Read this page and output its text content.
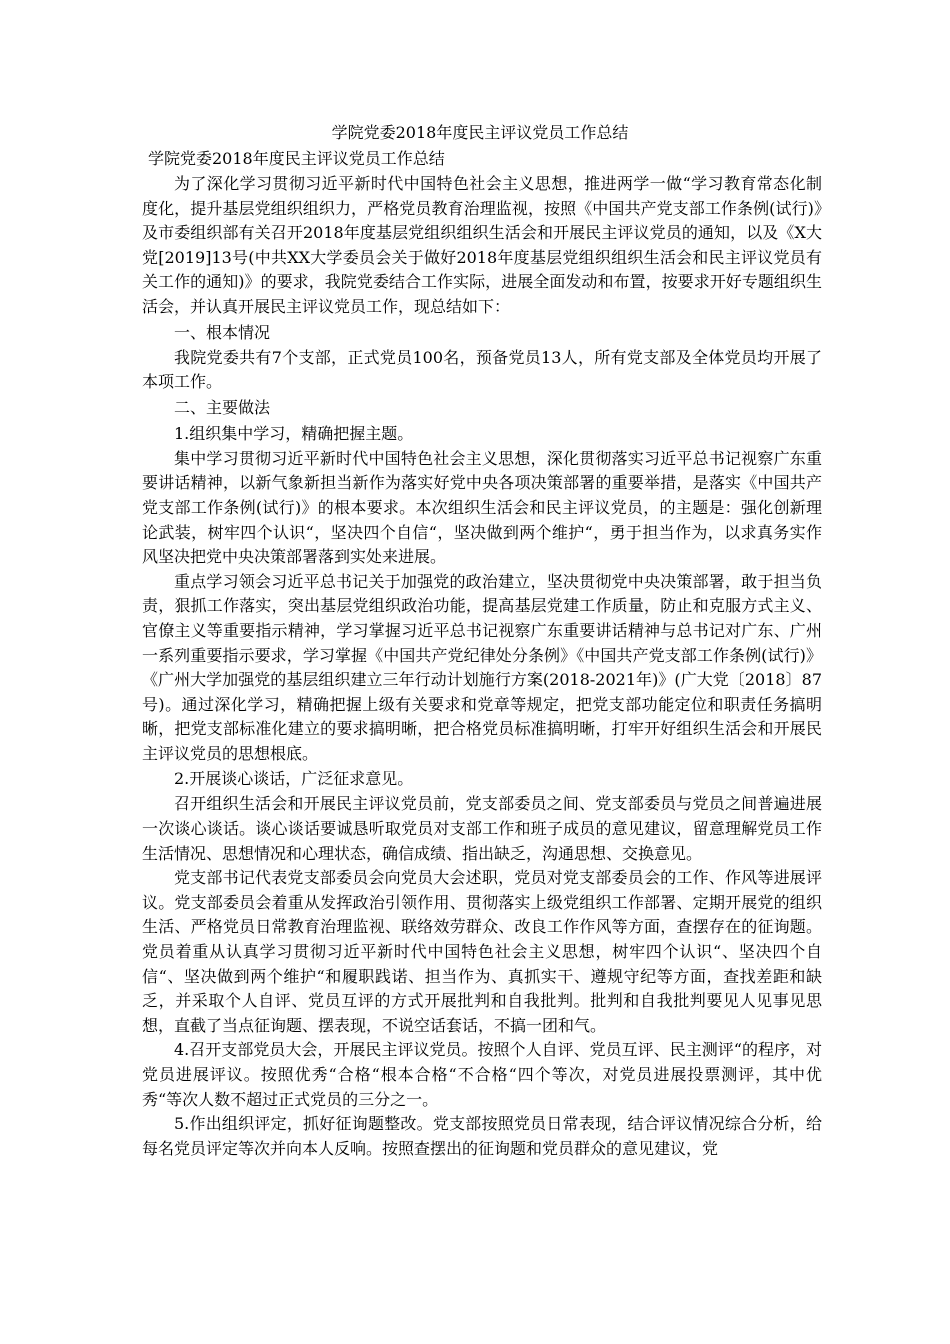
学院党委2018年度民主评议党员工作总结

学院党委2018年度民主评议党员工作总结

为了深化学习贯彻习近平新时代中国特色社会主义思想，推进两学一做“学习教育常态化制度化，提升基层党组织组织力，严格党员教育治理监视，按照《中国共产党支部工作条例(试行)》及市委组织部有关召开2018年度基层党组织组织生活会和开展民主评议党员的通知，以及《X大党[2019]13号(中共XX大学委员会关于做好2018年度基层党组织组织生活会和民主评议党员有关工作的通知)》的要求，我院党委结合工作实际，进展全面发动和布置，按要求开好专题组织生活会，并认真开展民主评议党员工作，现总结如下：

一、根本情况

我院党委共有7个支部，正式党员100名，预备党员13人，所有党支部及全体党员均开展了本项工作。

二、主要做法

1.组织集中学习，精确把握主题。

集中学习贯彻习近平新时代中国特色社会主义思想，深化贯彻落实习近平总书记视察广东重要讲话精神，以新气象新担当新作为落实好党中央各项决策部署的重要举措，是落实《中国共产党支部工作条例(试行)》的根本要求。本次组织生活会和民主评议党员，的主题是：强化创新理论武装，树牢四个认识“，坚决四个自信“，坚决做到两个维护“，勇于担当作为，以求真务实作风坚决把党中央决策部署落到实处来进展。

重点学习领会习近平总书记关于加强党的政治建立，坚决贯彻党中央决策部署，敢于担当负责，狠抓工作落实，突出基层党组织政治功能，提高基层党建工作质量，防止和克服方式主义、官僚主义等重要指示精神，学习掌握习近平总书记视察广东重要讲话精神与总书记对广东、广州一系列重要指示要求，学习掌握《中国共产党纪律处分条例》《中国共产党支部工作条例(试行)》《广州大学加强党的基层组织建立三年行动计划施行方案(2018-2021年)》(广大党〔2018〕87号)。通过深化学习，精确把握上级有关要求和党章等规定，把党支部功能定位和职责任务搞明晰，把党支部标准化建立的要求搞明晰，把合格党员标准搞明晰，打牢开好组织生活会和开展民主评议党员的思想根底。

2.开展谈心谈话，广泛征求意见。

召开组织生活会和开展民主评议党员前，党支部委员之间、党支部委员与党员之间普遍进展一次谈心谈话。谈心谈话要诚恳听取党员对支部工作和班子成员的意见建议，留意理解党员工作生活情况、思想情况和心理状态，确信成绩、指出缺乏，沟通思想、交换意见。

党支部书记代表党支部委员会向党员大会述职，党员对党支部委员会的工作、作风等进展评议。党支部委员会着重从发挥政治引领作用、贯彻落实上级党组织工作部署、定期开展党的组织生活、严格党员日常教育治理监视、联络效劳群众、改良工作作风等方面，查摆存在的征询题。党员着重从认真学习贯彻习近平新时代中国特色社会主义思想，树牢四个认识“、坚决四个自信“、坚决做到两个维护“和履职践诺、担当作为、真抓实干、遵规守纪等方面，查找差距和缺乏，并采取个人自评、党员互评的方式开展批判和自我批判。批判和自我批判要见人见事见思想，直截了当点征询题、摆表现，不说空话套话，不搞一团和气。

4.召开支部党员大会，开展民主评议党员。按照个人自评、党员互评、民主测评“的程序，对党员进展评议。按照优秀“合格“根本合格“不合格“四个等次，对党员进展投票测评，其中优秀“等次人数不超过正式党员的三分之一。

5.作出组织评定，抓好征询题整改。党支部按照党员日常表现，结合评议情况综合分析，给每名党员评定等次并向本人反响。按照查摆出的征询题和党员群众的意见建议，党
